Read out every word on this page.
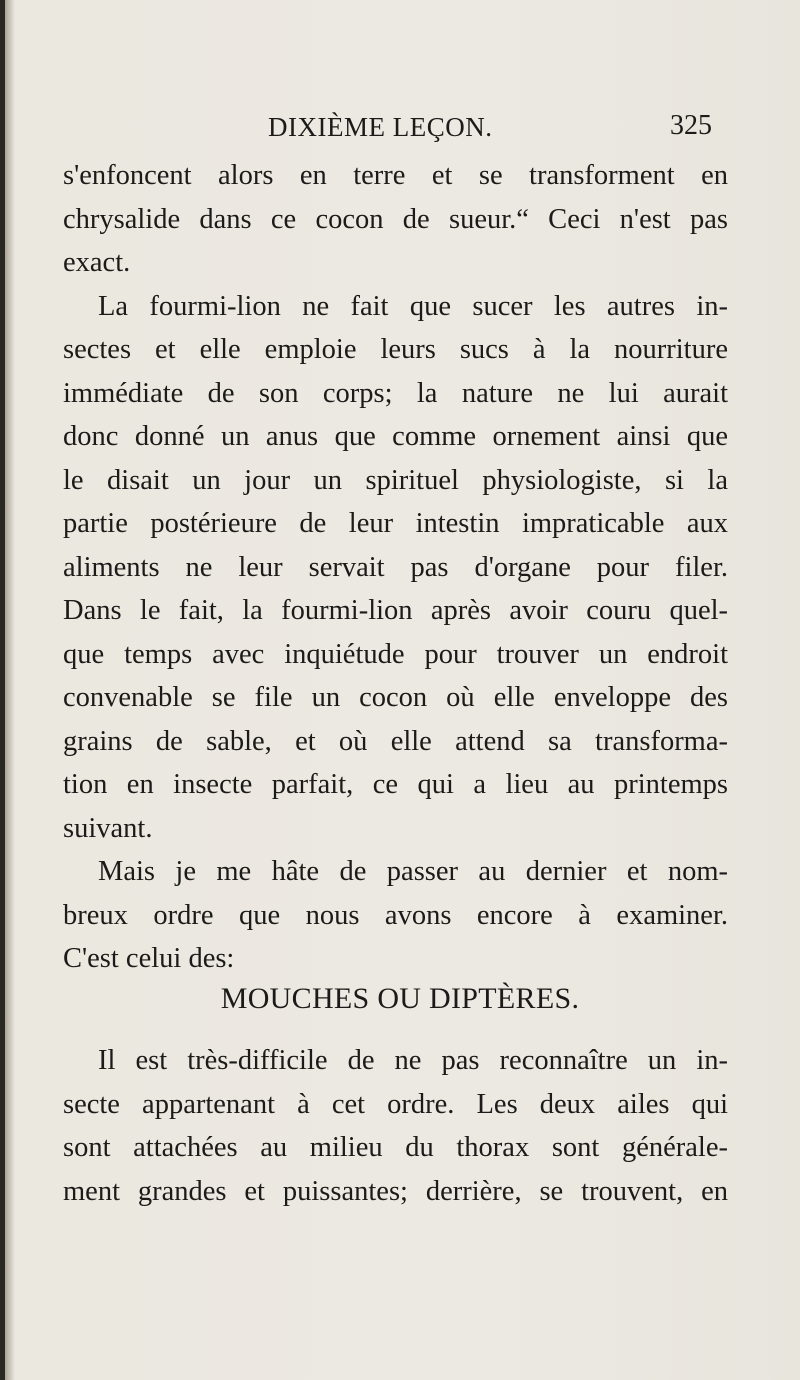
DIXIÈME LEÇON.	325
s'enfoncent alors en terre et se transforment en
chrysalide dans ce cocon de sueur.“ Ceci n'est pas
exact.
La fourmi-lion ne fait que sucer les autres in-
sectes et elle emploie leurs sucs à la nourriture
immédiate de son corps; la nature ne lui aurait
donc donné un anus que comme ornement ainsi que
le disait un jour un spirituel physiologiste, si la
partie postérieure de leur intestin impraticable aux
aliments ne leur servait pas d'organe pour filer.
Dans le fait, la fourmi-lion après avoir couru quel-
que temps avec inquiétude pour trouver un endroit
convenable se file un cocon où elle enveloppe des
grains de sable, et où elle attend sa transforma-
tion en insecte parfait, ce qui a lieu au printemps
suivant.
Mais je me hâte de passer au dernier et nom-
breux ordre que nous avons encore à examiner.
C'est celui des:
MOUCHES OU DIPTÈRES.
Il est très-difficile de ne pas reconnaître un in-
secte appartenant à cet ordre. Les deux ailes qui
sont attachées au milieu du thorax sont générale-
ment grandes et puissantes; derrière, se trouvent, en
